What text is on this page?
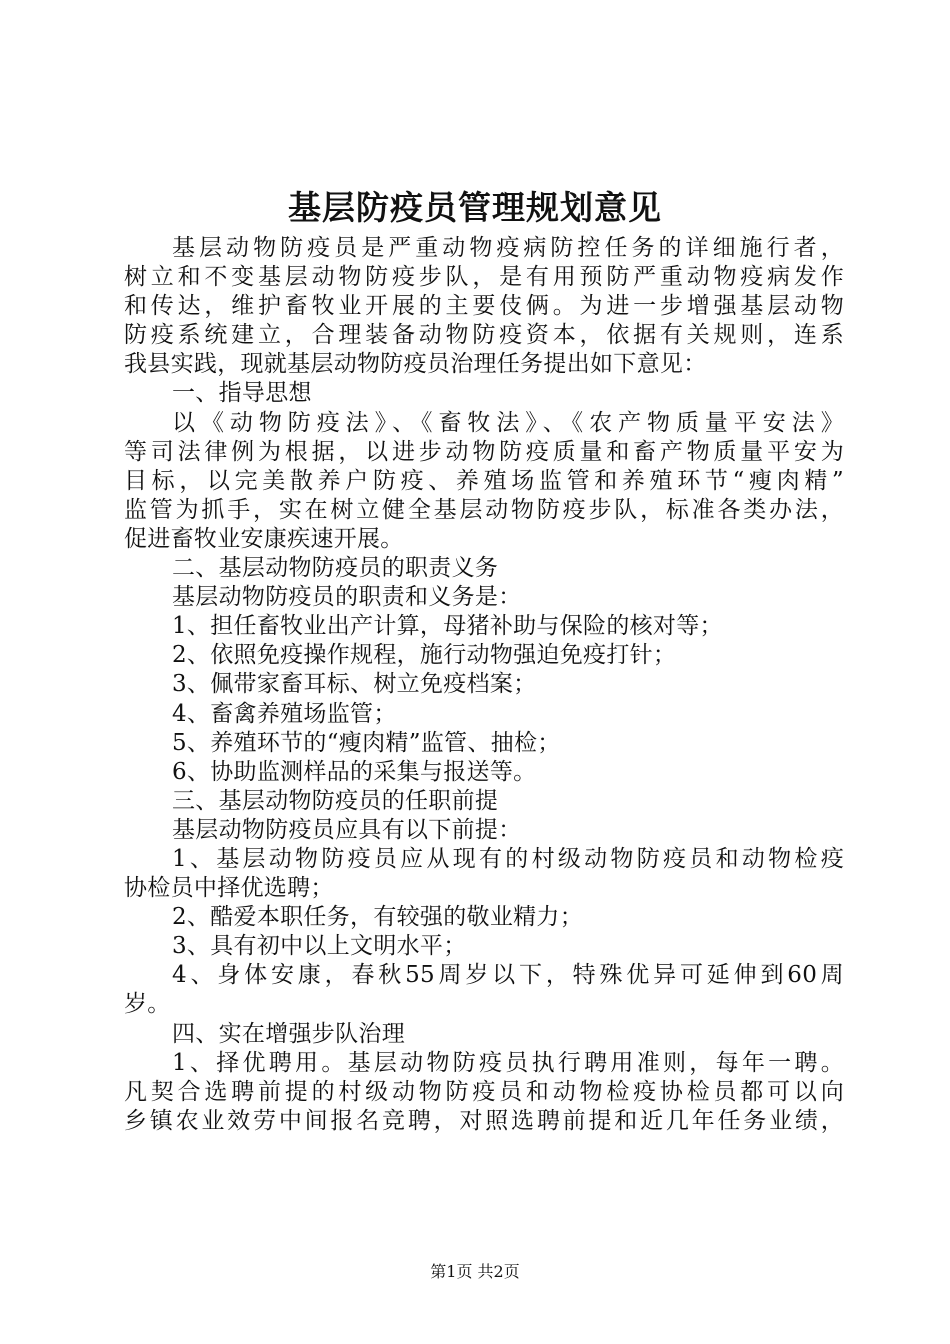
基层防疫员管理规划意见
基层动物防疫员是严重动物疫病防控任务的详细施行者，
树立和不变基层动物防疫步队，是有用预防严重动物疫病发作
和传达，维护畜牧业开展的主要伎俩。为进一步增强基层动物
防疫系统建立，合理装备动物防疫资本，依据有关规则，连系
我县实践，现就基层动物防疫员治理任务提出如下意见：
一、指导思想
以《动物防疫法》、《畜牧法》、《农产物质量平安法》
等司法律例为根据，以进步动物防疫质量和畜产物质量平安为
目标，以完美散养户防疫、养殖场监管和养殖环节“瘦肉精”
监管为抓手，实在树立健全基层动物防疫步队，标准各类办法，
促进畜牧业安康疾速开展。
二、基层动物防疫员的职责义务
基层动物防疫员的职责和义务是：
1、担任畜牧业出产计算，母猪补助与保险的核对等；
2、依照免疫操作规程，施行动物强迫免疫打针；
3、佩带家畜耳标、树立免疫档案；
4、畜禽养殖场监管；
5、养殖环节的“瘦肉精”监管、抽检；
6、协助监测样品的采集与报送等。
三、基层动物防疫员的任职前提
基层动物防疫员应具有以下前提：
1、基层动物防疫员应从现有的村级动物防疫员和动物检疫
协检员中择优选聘；
2、酷爱本职任务，有较强的敬业精力；
3、具有初中以上文明水平；
4、身体安康，春秋55周岁以下，特殊优异可延伸到60周
岁。
四、实在增强步队治理
1、择优聘用。基层动物防疫员执行聘用准则，每年一聘。
凡契合选聘前提的村级动物防疫员和动物检疫协检员都可以向
乡镇农业效劳中间报名竞聘，对照选聘前提和近几年任务业绩，
第1页 共2页
